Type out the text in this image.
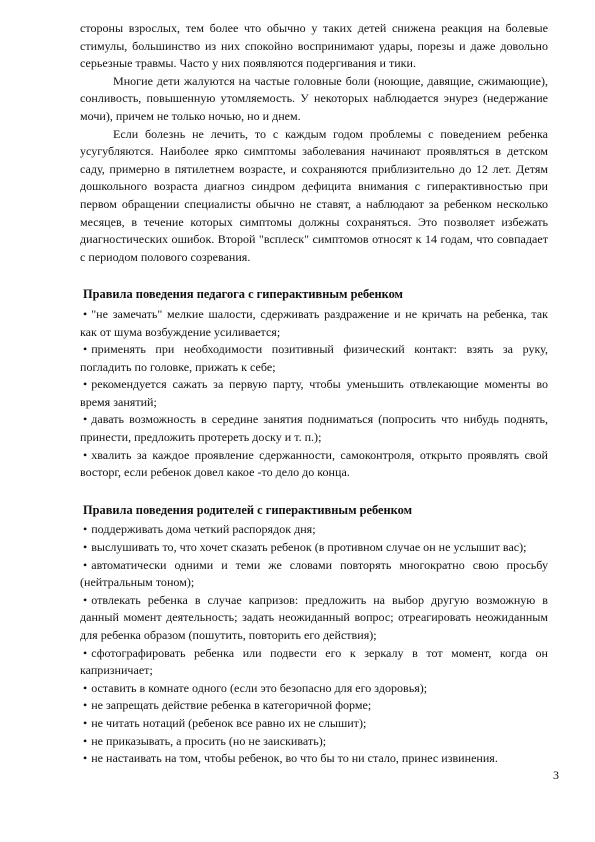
стороны взрослых, тем более что обычно у таких детей снижена реакция на болевые стимулы, большинство из них спокойно воспринимают удары, порезы и даже довольно серьезные травмы. Часто у них появляются подергивания и тики.

Многие дети жалуются на частые головные боли (ноющие, давящие, сжимающие), сонливость, повышенную утомляемость. У некоторых наблюдается энурез (недержание мочи), причем не только ночью, но и днем.

Если болезнь не лечить, то с каждым годом проблемы с поведением ребенка усугубляются. Наиболее ярко симптомы заболевания начинают проявляться в детском саду, примерно в пятилетнем возрасте, и сохраняются приблизительно до 12 лет. Детям дошкольного возраста диагноз синдром дефицита внимания с гиперактивностью при первом обращении специалисты обычно не ставят, а наблюдают за ребенком несколько месяцев, в течение которых симптомы должны сохраняться. Это позволяет избежать диагностических ошибок. Второй "всплеск" симптомов относят к 14 годам, что совпадает с периодом полового созревания.

Правила поведения педагога с гиперактивным ребенком

• "не замечать" мелкие шалости, сдерживать раздражение и не кричать на ребенка, так как от шума возбуждение усиливается;
• применять при необходимости позитивный физический контакт: взять за руку, погладить по головке, прижать к себе;
• рекомендуется сажать за первую парту, чтобы уменьшить отвлекающие моменты во время занятий;
• давать возможность в середине занятия подниматься (попросить что нибудь поднять, принести, предложить протереть доску и т. п.);
• хвалить за каждое проявление сдержанности, самоконтроля, открыто проявлять свой восторг, если ребенок довел какое -то дело до конца.

Правила поведения родителей с гиперактивным ребенком

• поддерживать дома четкий распорядок дня;
• выслушивать то, что хочет сказать ребенок (в противном случае он не услышит вас);
• автоматически одними и теми же словами повторять многократно свою просьбу (нейтральным тоном);
• отвлекать ребенка в случае капризов: предложить на выбор другую возможную в данный момент деятельность; задать неожиданный вопрос; отреагировать неожиданным для ребенка образом (пошутить, повторить его действия);
• сфотографировать ребенка или подвести его к зеркалу в тот момент, когда он капризничает;
• оставить в комнате одного (если это безопасно для его здоровья);
• не запрещать действие ребенка в категоричной форме;
• не читать нотаций (ребенок все равно их не слышит);
• не приказывать, а просить (но не заискивать);
• не настаивать на том, чтобы ребенок, во что бы то ни стало, принес извинения.
3
